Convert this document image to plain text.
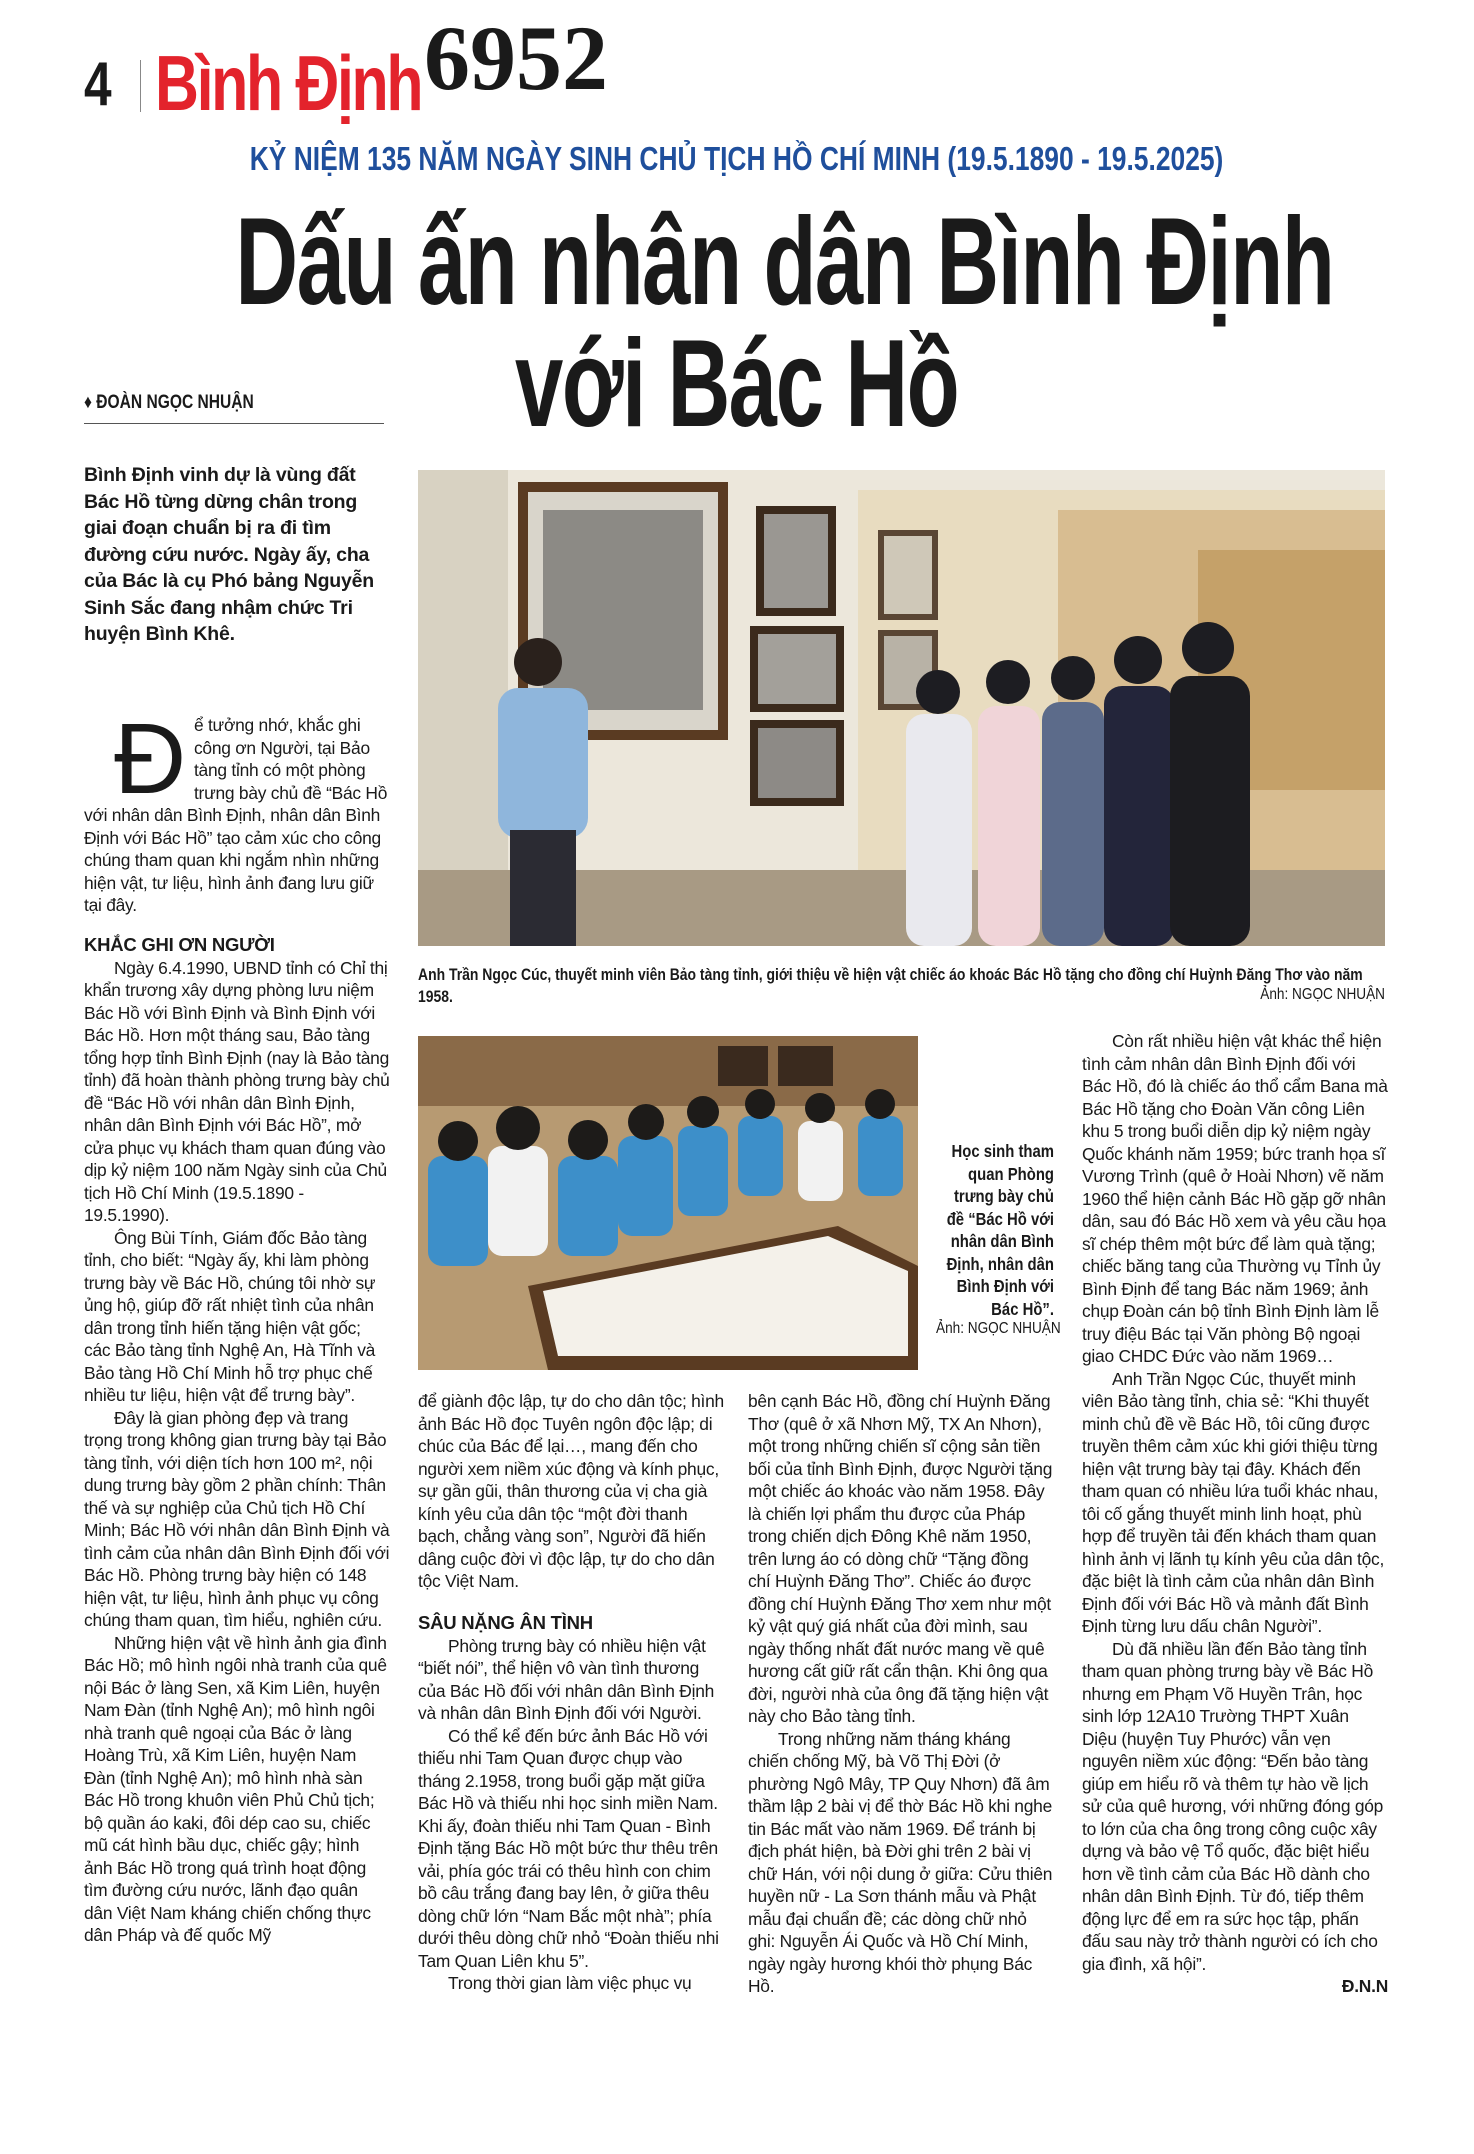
4 Bình Định 6952
KỶ NIỆM 135 NĂM NGÀY SINH CHỦ TỊCH HỒ CHÍ MINH (19.5.1890 - 19.5.2025)
Dấu ấn nhân dân Bình Định
với Bác Hồ
♦ ĐOÀN NGỌC NHUẬN
Bình Định vinh dự là vùng đất Bác Hồ từng dừng chân trong giai đoạn chuẩn bị ra đi tìm đường cứu nước. Ngày ấy, cha của Bác là cụ Phó bảng Nguyễn Sinh Sắc đang nhậm chức Tri huyện Bình Khê.
Anh Trần Ngọc Cúc, thuyết minh viên Bảo tàng tỉnh, giới thiệu về hiện vật chiếc áo khoác Bác Hồ tặng cho đồng chí Huỳnh Đăng Thơ vào năm 1958.	Ảnh: NGỌC NHUẬN
Học sinh tham quan Phòng trưng bày chủ đề “Bác Hồ với nhân dân Bình Định, nhân dân Bình Định với Bác Hồ”.
Ảnh: NGỌC NHUẬN

Để tưởng nhớ, khắc ghi công ơn Người, tại Bảo tàng tỉnh có một phòng trưng bày chủ đề “Bác Hồ với nhân dân Bình Định, nhân dân Bình Định với Bác Hồ” tạo cảm xúc cho công chúng tham quan khi ngắm nhìn những hiện vật, tư liệu, hình ảnh đang lưu giữ tại đây.

KHẮC GHI ƠN NGƯỜI

Ngày 6.4.1990, UBND tỉnh có Chỉ thị khẩn trương xây dựng phòng lưu niệm Bác Hồ với Bình Định và Bình Định với Bác Hồ. Hơn một tháng sau, Bảo tàng tổng hợp tỉnh Bình Định (nay là Bảo tàng tỉnh) đã hoàn thành phòng trưng bày chủ đề “Bác Hồ với nhân dân Bình Định, nhân dân Bình Định với Bác Hồ”, mở cửa phục vụ khách tham quan đúng vào dịp kỷ niệm 100 năm Ngày sinh của Chủ tịch Hồ Chí Minh (19.5.1890 - 19.5.1990).

Ông Bùi Tính, Giám đốc Bảo tàng tỉnh, cho biết: “Ngày ấy, khi làm phòng trưng bày về Bác Hồ, chúng tôi nhờ sự ủng hộ, giúp đỡ rất nhiệt tình của nhân dân trong tỉnh hiến tặng hiện vật gốc; các Bảo tàng tỉnh Nghệ An, Hà Tĩnh và Bảo tàng Hồ Chí Minh hỗ trợ phục chế nhiều tư liệu, hiện vật để trưng bày”.

Đây là gian phòng đẹp và trang trọng trong không gian trưng bày tại Bảo tàng tỉnh, với diện tích hơn 100 m², nội dung trưng bày gồm 2 phần chính: Thân thế và sự nghiệp của Chủ tịch Hồ Chí Minh; Bác Hồ với nhân dân Bình Định và tình cảm của nhân dân Bình Định đối với Bác Hồ. Phòng trưng bày hiện có 148 hiện vật, tư liệu, hình ảnh phục vụ công chúng tham quan, tìm hiểu, nghiên cứu.

Những hiện vật về hình ảnh gia đình Bác Hồ; mô hình ngôi nhà tranh của quê nội Bác ở làng Sen, xã Kim Liên, huyện Nam Đàn (tỉnh Nghệ An); mô hình ngôi nhà tranh quê ngoại của Bác ở làng Hoàng Trù, xã Kim Liên, huyện Nam Đàn (tỉnh Nghệ An); mô hình nhà sàn Bác Hồ trong khuôn viên Phủ Chủ tịch; bộ quần áo kaki, đôi dép cao su, chiếc mũ cát hình bầu dục, chiếc gậy; hình ảnh Bác Hồ trong quá trình hoạt động tìm đường cứu nước, lãnh đạo quân dân Việt Nam kháng chiến chống thực dân Pháp và đế quốc Mỹ

để giành độc lập, tự do cho dân tộc; hình ảnh Bác Hồ đọc Tuyên ngôn độc lập; di chúc của Bác để lại…, mang đến cho người xem niềm xúc động và kính phục, sự gần gũi, thân thương của vị cha già kính yêu của dân tộc “một đời thanh bạch, chẳng vàng son”, Người đã hiến dâng cuộc đời vì độc lập, tự do cho dân tộc Việt Nam.

SÂU NẶNG ÂN TÌNH

Phòng trưng bày có nhiều hiện vật “biết nói”, thể hiện vô vàn tình thương của Bác Hồ đối với nhân dân Bình Định và nhân dân Bình Định đối với Người.

Có thể kể đến bức ảnh Bác Hồ với thiếu nhi Tam Quan được chụp vào tháng 2.1958, trong buổi gặp mặt giữa Bác Hồ và thiếu nhi học sinh miền Nam. Khi ấy, đoàn thiếu nhi Tam Quan - Bình Định tặng Bác Hồ một bức thư thêu trên vải, phía góc trái có thêu hình con chim bồ câu trắng đang bay lên, ở giữa thêu dòng chữ lớn “Nam Bắc một nhà”; phía dưới thêu dòng chữ nhỏ “Đoàn thiếu nhi Tam Quan Liên khu 5”.

Trong thời gian làm việc phục vụ

bên cạnh Bác Hồ, đồng chí Huỳnh Đăng Thơ (quê ở xã Nhơn Mỹ, TX An Nhơn), một trong những chiến sĩ cộng sản tiền bối của tỉnh Bình Định, được Người tặng một chiếc áo khoác vào năm 1958. Đây là chiến lợi phẩm thu được của Pháp trong chiến dịch Đông Khê năm 1950, trên lưng áo có dòng chữ “Tặng đồng chí Huỳnh Đăng Thơ”. Chiếc áo được đồng chí Huỳnh Đăng Thơ xem như một kỷ vật quý giá nhất của đời mình, sau ngày thống nhất đất nước mang về quê hương cất giữ rất cẩn thận. Khi ông qua đời, người nhà của ông đã tặng hiện vật này cho Bảo tàng tỉnh.

Trong những năm tháng kháng chiến chống Mỹ, bà Võ Thị Đời (ở phường Ngô Mây, TP Quy Nhơn) đã âm thầm lập 2 bài vị để thờ Bác Hồ khi nghe tin Bác mất vào năm 1969. Để tránh bị địch phát hiện, bà Đời ghi trên 2 bài vị chữ Hán, với nội dung ở giữa: Cửu thiên huyền nữ - La Sơn thánh mẫu và Phật mẫu đại chuẩn đề; các dòng chữ nhỏ ghi: Nguyễn Ái Quốc và Hồ Chí Minh, ngày ngày hương khói thờ phụng Bác Hồ.

Còn rất nhiều hiện vật khác thể hiện tình cảm nhân dân Bình Định đối với Bác Hồ, đó là chiếc áo thổ cẩm Bana mà Bác Hồ tặng cho Đoàn Văn công Liên khu 5 trong buổi diễn dịp kỷ niệm ngày Quốc khánh năm 1959; bức tranh họa sĩ Vương Trình (quê ở Hoài Nhơn) vẽ năm 1960 thể hiện cảnh Bác Hồ gặp gỡ nhân dân, sau đó Bác Hồ xem và yêu cầu họa sĩ chép thêm một bức để làm quà tặng; chiếc băng tang của Thường vụ Tỉnh ủy Bình Định để tang Bác năm 1969; ảnh chụp Đoàn cán bộ tỉnh Bình Định làm lễ truy điệu Bác tại Văn phòng Bộ ngoại giao CHDC Đức vào năm 1969…

Anh Trần Ngọc Cúc, thuyết minh viên Bảo tàng tỉnh, chia sẻ: “Khi thuyết minh chủ đề về Bác Hồ, tôi cũng được truyền thêm cảm xúc khi giới thiệu từng hiện vật trưng bày tại đây. Khách đến tham quan có nhiều lứa tuổi khác nhau, tôi cố gắng thuyết minh linh hoạt, phù hợp để truyền tải đến khách tham quan hình ảnh vị lãnh tụ kính yêu của dân tộc, đặc biệt là tình cảm của nhân dân Bình Định đối với Bác Hồ và mảnh đất Bình Định từng lưu dấu chân Người”.

Dù đã nhiều lần đến Bảo tàng tỉnh tham quan phòng trưng bày về Bác Hồ nhưng em Phạm Võ Huyền Trân, học sinh lớp 12A10 Trường THPT Xuân Diệu (huyện Tuy Phước) vẫn vẹn nguyên niềm xúc động: “Đến bảo tàng giúp em hiểu rõ và thêm tự hào về lịch sử của quê hương, với những đóng góp to lớn của cha ông trong công cuộc xây dựng và bảo vệ Tổ quốc, đặc biệt hiểu hơn về tình cảm của Bác Hồ dành cho nhân dân Bình Định. Từ đó, tiếp thêm động lực để em ra sức học tập, phấn đấu sau này trở thành người có ích cho gia đình, xã hội”.

Đ.N.N
